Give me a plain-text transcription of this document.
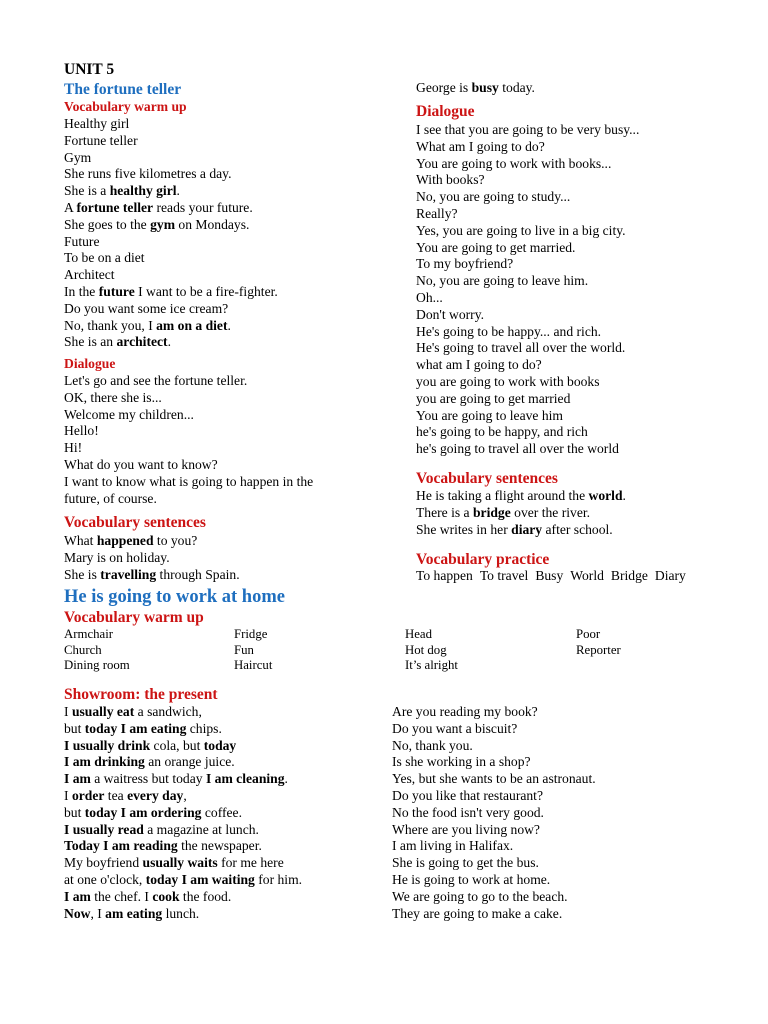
UNIT 5
The fortune teller
Vocabulary warm up
Healthy girl
Fortune teller
Gym
She runs five kilometres a day.
She is a healthy girl.
A fortune teller reads your future.
She goes to the gym on Mondays.
Future
To be on a diet
Architect
In the future I want to be a fire-fighter.
Do you want some ice cream?
No, thank you, I am on a diet.
She is an architect.
Dialogue
Let's go and see the fortune teller.
OK, there she is...
Welcome my children...
Hello!
Hi!
What do you want to know?
I want to know what is going to happen in the
future, of course.
Vocabulary sentences
What happened to you?
Mary is on holiday.
She is travelling through Spain.
George is busy today.
Dialogue
I see that you are going to be very busy...
What am I going to do?
You are going to work with books...
With books?
No, you are going to study...
Really?
Yes, you are going to live in a big city.
You are going to get married.
To my boyfriend?
No, you are going to leave him.
Oh...
Don't worry.
He's going to be happy... and rich.
He's going to travel all over the world.
what am I going to do?
you are going to work with books
you are going to get married
You are going to leave him
he's going to be happy, and rich
he's going to travel all over the world
Vocabulary sentences
He is taking a flight around the world.
There is a bridge over the river.
She writes in her diary after school.
Vocabulary practice
To happen To travel Busy World Bridge Diary
He is going to work at home
Vocabulary warm up
Armchair
Church
Dining room
Fridge
Fun
Haircut
Head
Hot dog
It’s alright
Poor
Reporter
Showroom: the present
I usually eat a sandwich,
but today I am eating chips.
I usually drink cola, but today
I am drinking an orange juice.
I am a waitress but today I am cleaning.
I order tea every day,
but today I am ordering coffee.
I usually read a magazine at lunch.
Today I am reading the newspaper.
My boyfriend usually waits for me here
at one o'clock, today I am waiting for him.
I am the chef. I cook the food.
Now, I am eating lunch.
Are you reading my book?
Do you want a biscuit?
No, thank you.
Is she working in a shop?
Yes, but she wants to be an astronaut.
Do you like that restaurant?
No the food isn't very good.
Where are you living now?
I am living in Halifax.
She is going to get the bus.
He is going to work at home.
We are going to go to the beach.
They are going to make a cake.
